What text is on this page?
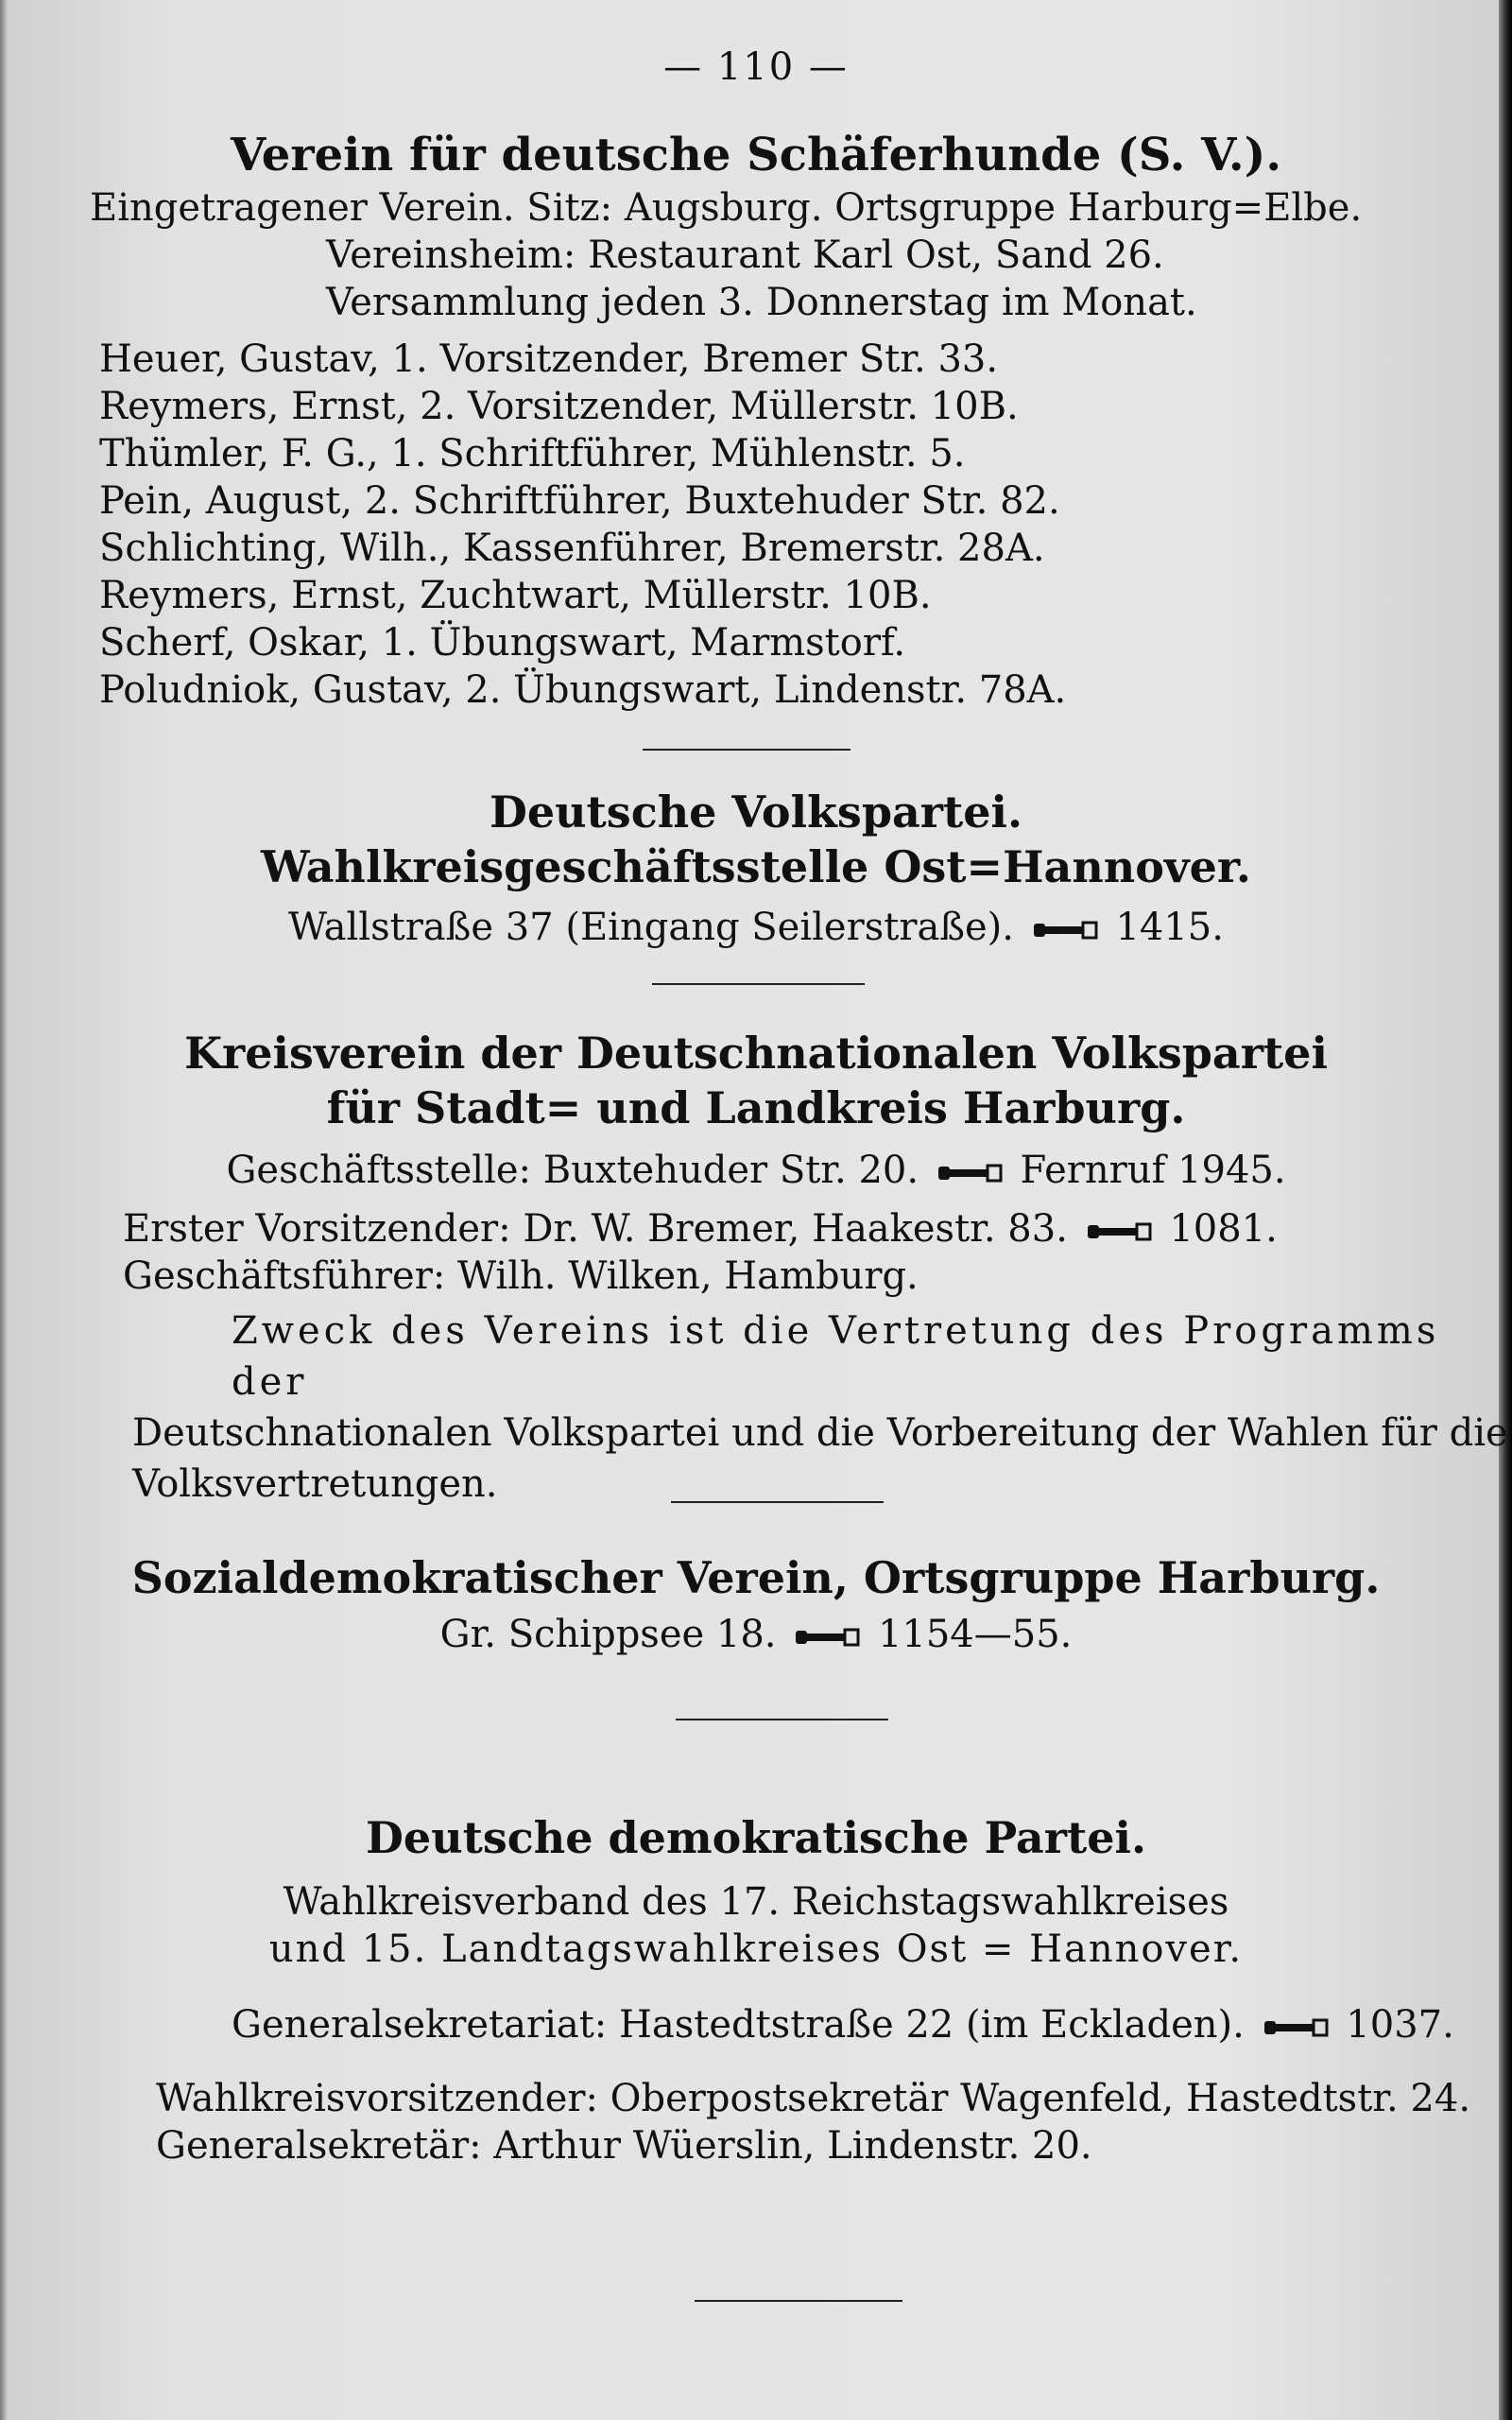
— 110 —
Verein für deutsche Schäferhunde (S. V.).
Eingetragener Verein. Sitz: Augsburg. Ortsgruppe Harburg=Elbe.
Vereinsheim: Restaurant Karl Ost, Sand 26.
Versammlung jeden 3. Donnerstag im Monat.
Heuer, Gustav, 1. Vorsitzender, Bremer Str. 33.
Reymers, Ernst, 2. Vorsitzender, Müllerstr. 10B.
Thümler, F. G., 1. Schriftführer, Mühlenstr. 5.
Pein, August, 2. Schriftführer, Buxtehuder Str. 82.
Schlichting, Wilh., Kassenführer, Bremerstr. 28A.
Reymers, Ernst, Zuchtwart, Müllerstr. 10B.
Scherf, Oskar, 1. Übungswart, Marmstorf.
Poludniok, Gustav, 2. Übungswart, Lindenstr. 78A.
Deutsche Volkspartei.
Wahlkreisgeschäftsstelle Ost=Hannover.
Wallstraße 37 (Eingang Seilerstraße).	1415.
Kreisverein der Deutschnationalen Volkspartei
für Stadt= und Landkreis Harburg.
Geschäftsstelle: Buxtehuder Str. 20.	Fernruf 1945.
Erster Vorsitzender: Dr. W. Bremer, Haakestr. 83.	1081.
Geschäftsführer: Wilh. Wilken, Hamburg.
Zweck des Vereins ist die Vertretung des Programms der
Deutschnationalen Volkspartei und die Vorbereitung der Wahlen für die
Volksvertretungen.
Sozialdemokratischer Verein, Ortsgruppe Harburg.
Gr. Schippsee 18.	1154—55.
Deutsche demokratische Partei.
Wahlkreisverband des 17. Reichstagswahlkreises
und 15. Landtagswahlkreises Ost = Hannover.
Generalsekretariat: Hastedtstraße 22 (im Eckladen).	1037.
Wahlkreisvorsitzender: Oberpostsekretär Wagenfeld, Hastedtstr. 24.
Generalsekretär: Arthur Wüerslin, Lindenstr. 20.
